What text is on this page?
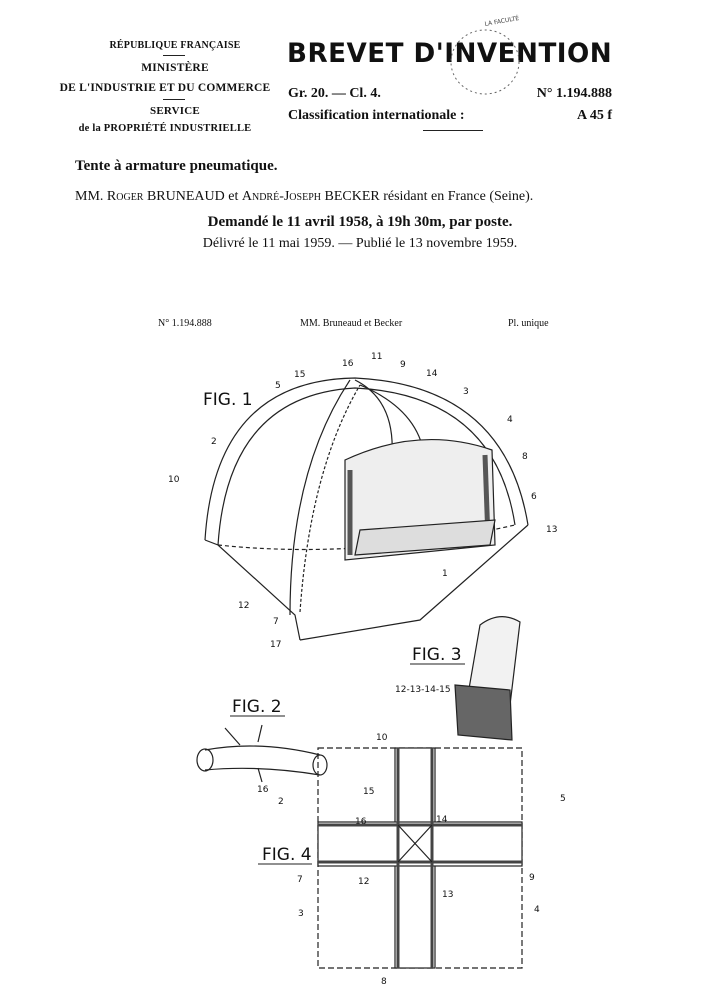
RÉPUBLIQUE FRANÇAISE
MINISTÈRE
DE L'INDUSTRIE ET DU COMMERCE
SERVICE
de la PROPRIÉTÉ INDUSTRIELLE
BREVET D'INVENTION
LA FACULTÉ
Gr. 20. — Cl. 4.	N° 1.194.888
Classification internationale :	A 45 f
Tente à armature pneumatique.
MM. Roger BRUNEAUD et André-Joseph BECKER résidant en France (Seine).
Demandé le 11 avril 1958, à 19h 30m, par poste.
Délivré le 11 mai 1959. — Publié le 13 novembre 1959.
N° 1.194.888	MM. Bruneaud et Becker	Pl. unique
FIG. 1
16
11
9
15	14
5
3
4
2
8
10
6
13
1
12
7
17	FIG. 3
12-13-14-15
FIG. 2
16
FIG. 4
10
15
2	5
14
16
7	12	9
13
3	4
8
